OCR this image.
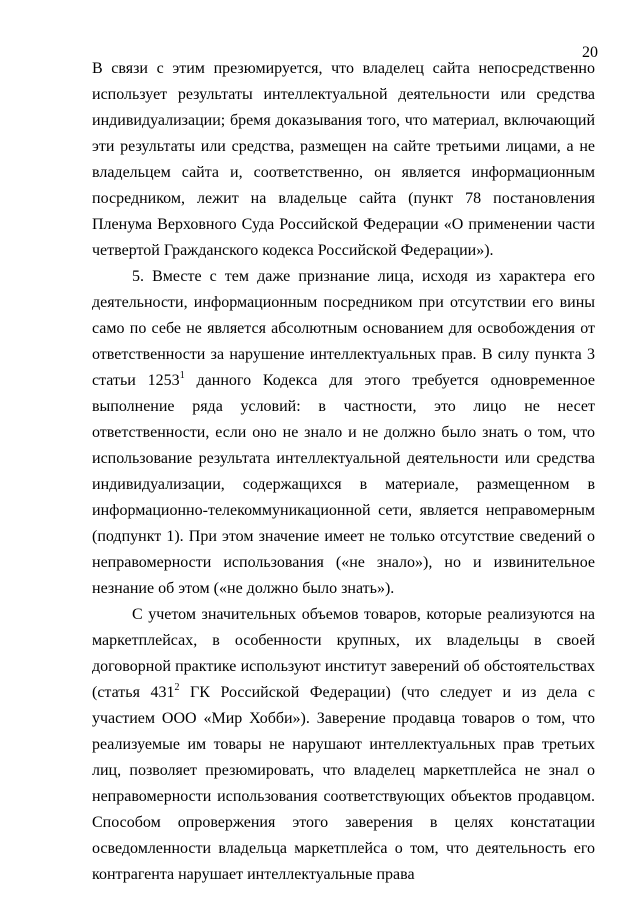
20

В связи с этим презюмируется, что владелец сайта непосредственно использует результаты интеллектуальной деятельности или средства индивидуализации; бремя доказывания того, что материал, включающий эти результаты или средства, размещен на сайте третьими лицами, а не владельцем сайта и, соответственно, он является информационным посредником, лежит на владельце сайта (пункт 78 постановления Пленума Верховного Суда Российской Федерации «О применении части четвертой Гражданского кодекса Российской Федерации»).

5. Вместе с тем даже признание лица, исходя из характера его деятельности, информационным посредником при отсутствии его вины само по себе не является абсолютным основанием для освобождения от ответственности за нарушение интеллектуальных прав. В силу пункта 3 статьи 1253$^1$ данного Кодекса для этого требуется одновременное выполнение ряда условий: в частности, это лицо не несет ответственности, если оно не знало и не должно было знать о том, что использование результата интеллектуальной деятельности или средства индивидуализации, содержащихся в материале, размещенном в информационно-телекоммуникационной сети, является неправомерным (подпункт 1). При этом значение имеет не только отсутствие сведений о неправомерности использования («не знало»), но и извинительное незнание об этом («не должно было знать»).

С учетом значительных объемов товаров, которые реализуются на маркетплейсах, в особенности крупных, их владельцы в своей договорной практике используют институт заверений об обстоятельствах (статья $431^2$ ГК Российской Федерации) (что следует и из дела с участием ООО «Мир Хобби»). Заверение продавца товаров о том, что реализуемые им товары не нарушают интеллектуальных прав третьих лиц, позволяет презюмировать, что владелец маркетплейса не знал о неправомерности использования соответствующих объектов продавцом. Способом опровержения этого заверения в целях констатации осведомленности владельца маркетплейса о том, что деятельность его контрагента нарушает интеллектуальные права
